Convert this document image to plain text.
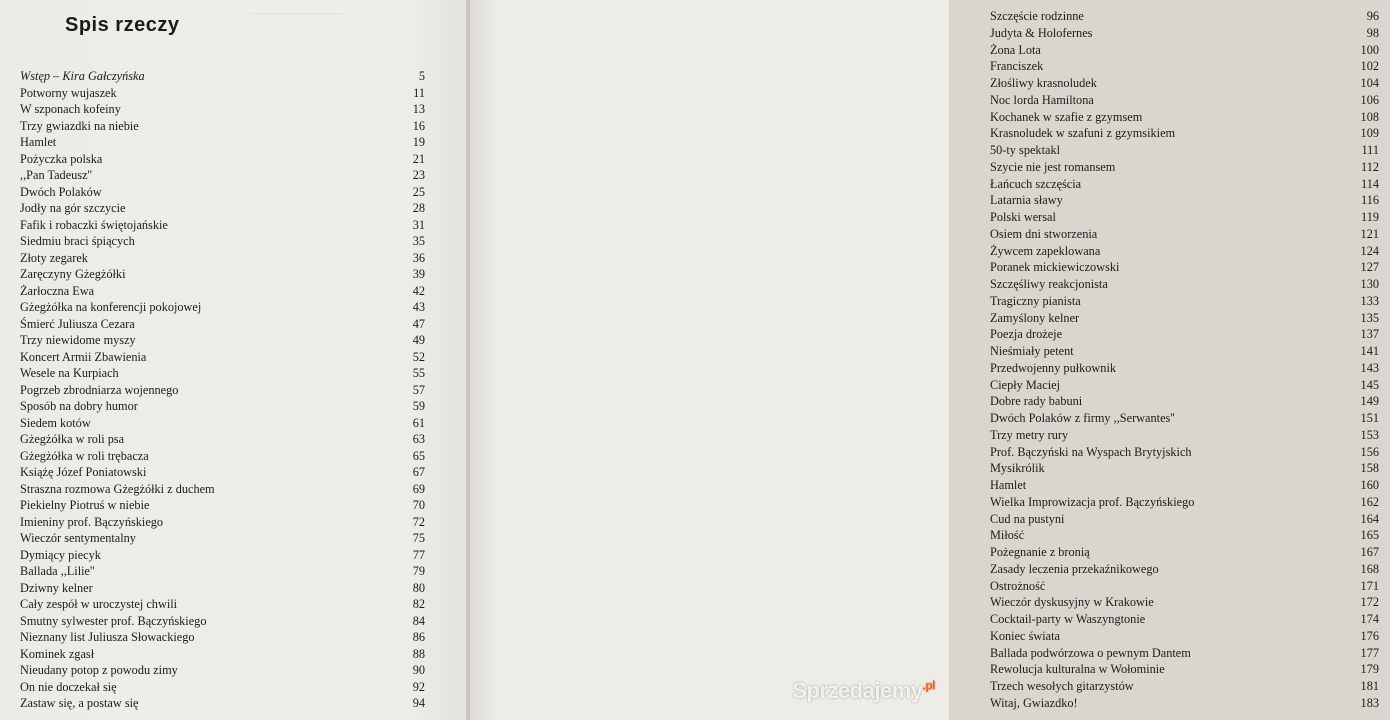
────────────
Spis rzeczy
Wstęp – Kira Gałczyńska	5
Potworny wujaszek	11
W szponach kofeiny	13
Trzy gwiazdki na niebie	16
Hamlet	19
Pożyczka polska	21
,,Pan Tadeusz''	23
Dwóch Polaków	25
Jodły na gór szczycie	28
Fafik i robaczki świętojańskie	31
Siedmiu braci śpiących	35
Złoty zegarek	36
Zaręczyny Gżegżółki	39
Żarłoczna Ewa	42
Gżegżółka na konferencji pokojowej	43
Śmierć Juliusza Cezara	47
Trzy niewidome myszy	49
Koncert Armii Zbawienia	52
Wesele na Kurpiach	55
Pogrzeb zbrodniarza wojennego	57
Sposób na dobry humor	59
Siedem kotów	61
Gżegżółka w roli psa	63
Gżegżółka w roli trębacza	65
Książę Józef Poniatowski	67
Straszna rozmowa Gżegżółki z duchem	69
Piekielny Piotruś w niebie	70
Imieniny prof. Bączyńskiego	72
Wieczór sentymentalny	75
Dymiący piecyk	77
Ballada ,,Lilie''	79
Dziwny kelner	80
Cały zespół w uroczystej chwili	82
Smutny sylwester prof. Bączyńskiego	84
Nieznany list Juliusza Słowackiego	86
Kominek zgasł	88
Nieudany potop z powodu zimy	90
On nie doczekał się	92
Zastaw się, a postaw się	94
Szczęście rodzinne	96
Judyta & Holofernes	98
Żona Lota	100
Franciszek	102
Złośliwy krasnoludek	104
Noc lorda Hamiltona	106
Kochanek w szafie z gzymsem	108
Krasnoludek w szafuni z gzymsikiem	109
50-ty spektakl	111
Szycie nie jest romansem	112
Łańcuch szczęścia	114
Latarnia sławy	116
Polski wersal	119
Osiem dni stworzenia	121
Żywcem zapeklowana	124
Poranek mickiewiczowski	127
Szczęśliwy reakcjonista	130
Tragiczny pianista	133
Zamyślony kelner	135
Poezja drożeje	137
Nieśmiały petent	141
Przedwojenny pułkownik	143
Ciepły Maciej	145
Dobre rady babuni	149
Dwóch Polaków z firmy ,,Serwantes''	151
Trzy metry rury	153
Prof. Bączyński na Wyspach Brytyjskich	156
Mysikrólik	158
Hamlet	160
Wielka Improwizacja prof. Bączyńskiego	162
Cud na pustyni	164
Miłość	165
Pożegnanie z bronią	167
Zasady leczenia przekaźnikowego	168
Ostrożność	171
Wieczór dyskusyjny w Krakowie	172
Cocktail-party w Waszyngtonie	174
Koniec świata	176
Ballada podwórzowa o pewnym Dantem	177
Rewolucja kulturalna w Wołominie	179
Trzech wesołych gitarzystów	181
Witaj, Gwiazdko!	183
Sprzedajemy$^{.pl}$
